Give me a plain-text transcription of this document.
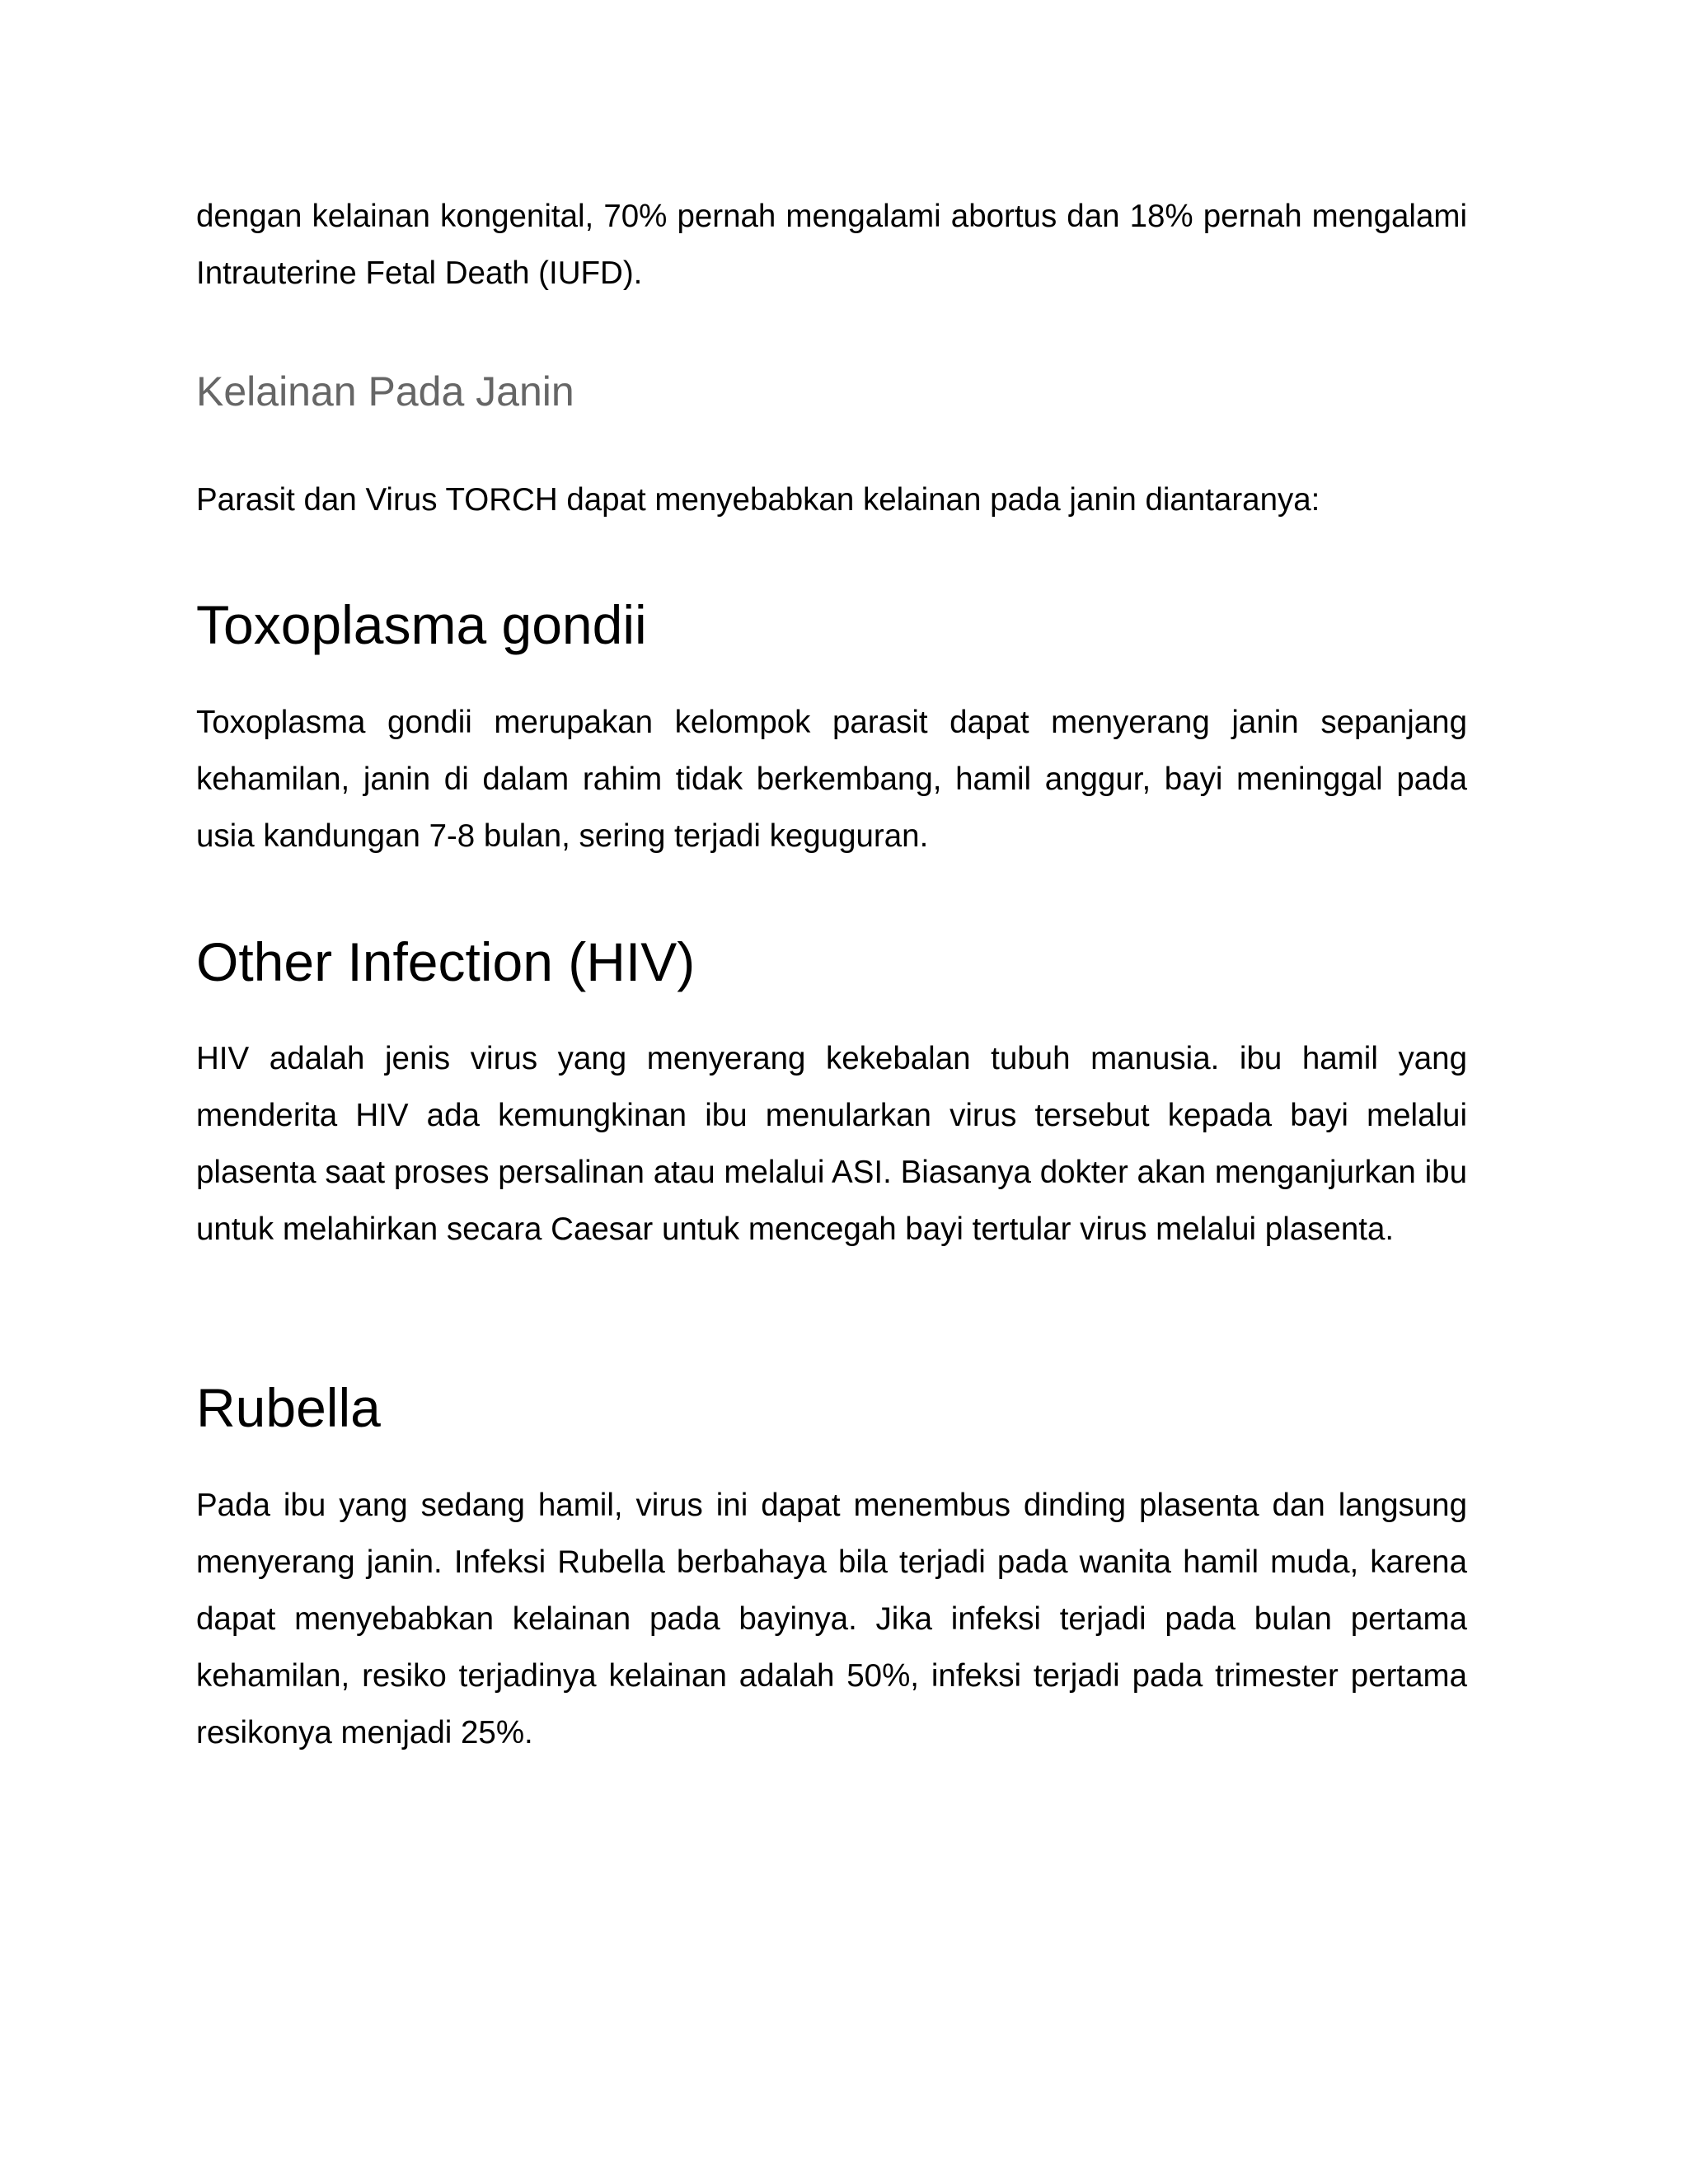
dengan kelainan kongenital, 70% pernah mengalami abortus dan 18% pernah mengalami Intrauterine Fetal Death (IUFD).

Kelainan Pada Janin

Parasit dan Virus TORCH dapat menyebabkan kelainan pada janin diantaranya:

Toxoplasma gondii

Toxoplasma gondii merupakan kelompok parasit dapat menyerang janin sepanjang kehamilan, janin di dalam rahim tidak berkembang, hamil anggur, bayi meninggal pada usia kandungan 7-8 bulan, sering terjadi keguguran.

Other Infection (HIV)

HIV adalah jenis virus yang menyerang kekebalan tubuh manusia. ibu hamil yang menderita HIV ada kemungkinan ibu menularkan virus tersebut kepada bayi melalui plasenta saat proses persalinan atau melalui ASI. Biasanya dokter akan menganjurkan ibu untuk melahirkan secara Caesar untuk mencegah bayi tertular virus melalui plasenta.

Rubella

Pada ibu yang sedang hamil, virus ini dapat menembus dinding plasenta dan langsung menyerang janin. Infeksi Rubella berbahaya bila terjadi pada wanita hamil muda, karena dapat menyebabkan kelainan pada bayinya. Jika infeksi terjadi pada bulan pertama kehamilan, resiko terjadinya kelainan adalah 50%, infeksi terjadi pada trimester pertama resikonya menjadi 25%.
